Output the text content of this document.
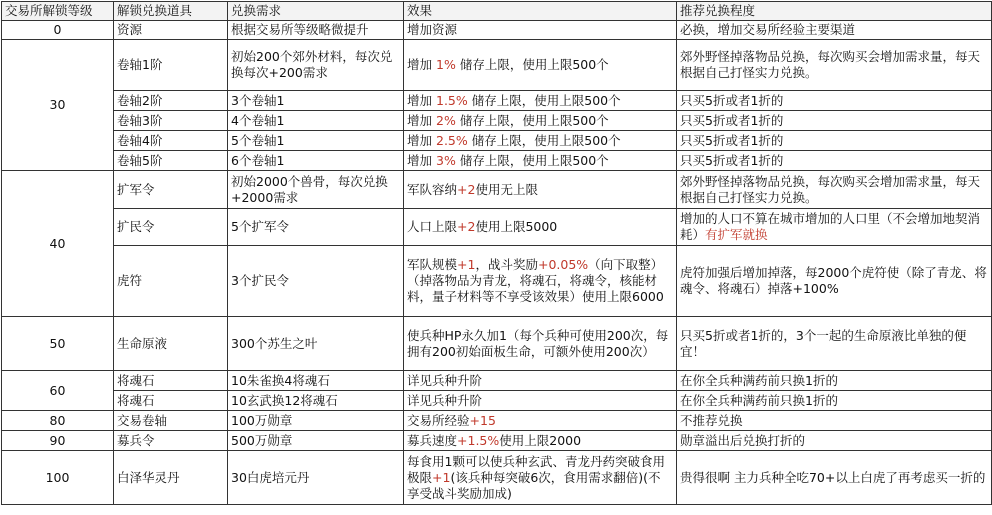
交易所解锁等级	解锁兑换道具	兑换需求	效果	推荐兑换程度
0	资源	根据交易所等级略微提升	增加资源	必换，增加交易所经验主要渠道
30	卷轴1阶	初始200个郊外材料，每次兑换每次+200需求	增加 1% 储存上限，使用上限500个	郊外野怪掉落物品兑换，每次购买会增加需求量，每天根据自己打怪实力兑换。
	卷轴2阶	3个卷轴1	增加 1.5% 储存上限，使用上限500个	只买5折或者1折的
	卷轴3阶	4个卷轴1	增加 2% 储存上限，使用上限500个	只买5折或者1折的
	卷轴4阶	5个卷轴1	增加 2.5% 储存上限，使用上限500个	只买5折或者1折的
	卷轴5阶	6个卷轴1	增加 3% 储存上限，使用上限500个	只买5折或者1折的
40	扩军令	初始2000个兽骨，每次兑换+2000需求	军队容纳+2使用无上限	郊外野怪掉落物品兑换，每次购买会增加需求量，每天根据自己打怪实力兑换。
	扩民令	5个扩军令	人口上限+2使用上限5000	增加的人口不算在城市增加的人口里（不会增加地契消耗）有扩军就换
	虎符	3个扩民令	军队规模+1，战斗奖励+0.05%（向下取整）（掉落物品为青龙，将魂石，将魂令，核能材料，量子材料等不享受该效果）使用上限6000	虎符加强后增加掉落，每2000个虎符使（除了青龙、将魂令、将魂石）掉落+100%
50	生命原液	300个苏生之叶	使兵种HP永久加1（每个兵种可使用200次，每拥有200初始面板生命，可额外使用200次）	只买5折或者1折的，3个一起的生命原液比单独的便宜！
60	将魂石	10朱雀换4将魂石	详见兵种升阶	在你全兵种满药前只换1折的
	将魂石	10玄武换12将魂石	详见兵种升阶	在你全兵种满药前只换1折的
80	交易卷轴	100万勋章	交易所经验+15	不推荐兑换
90	募兵令	500万勋章	募兵速度+1.5%使用上限2000	勋章溢出后兑换打折的
100	白泽华灵丹	30白虎培元丹	每食用1颗可以使兵种玄武、青龙丹药突破食用极限+1(该兵种每突破6次，食用需求翻倍)(不享受战斗奖励加成)	贵得很啊 主力兵种全吃70+以上白虎了再考虑买一折的
